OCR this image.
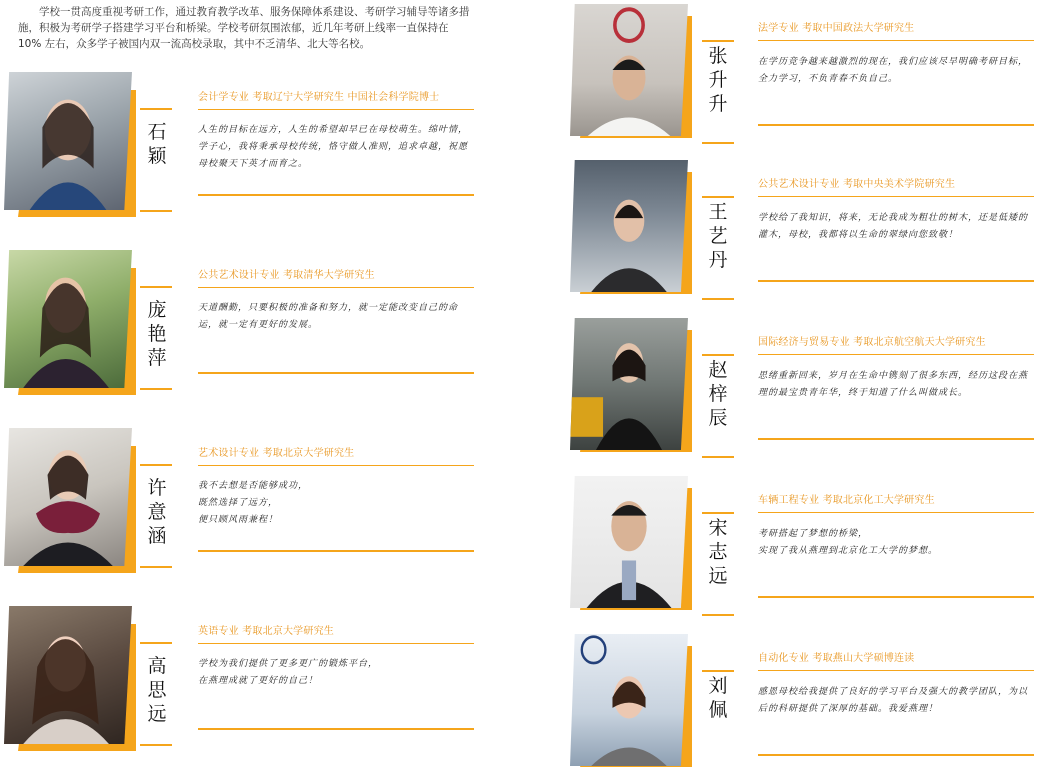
学校一贯高度重视考研工作，通过教育教学改革、服务保障体系建设、考研学习辅导等诸多措施，积极为考研学子搭建学习平台和桥梁。学校考研氛围浓郁，近几年考研上线率一直保持在 10% 左右，众多学子被国内双一流高校录取，其中不乏清华、北大等名校。

石颖
会计学专业 考取辽宁大学研究生 中国社会科学院博士
人生的目标在远方，人生的希望却早已在母校萌生。绵叶情，学子心，我将秉承母校传统，恪守做人准则，追求卓越，祝愿母校聚天下英才而育之。
庞艳萍
公共艺术设计专业 考取清华大学研究生
天道酬勤，只要积极的准备和努力，就一定能改变自己的命运，就一定有更好的发展。
许意涵
艺术设计专业 考取北京大学研究生
我不去想是否能够成功，
既然选择了远方，
便只顾风雨兼程！
高思远
英语专业 考取北京大学研究生
学校为我们提供了更多更广的锻炼平台，
在燕理成就了更好的自己！
张升升
法学专业 考取中国政法大学研究生
在学历竞争越来越激烈的现在，我们应该尽早明确考研目标，全力学习，不负青春不负自己。
王艺丹
公共艺术设计专业 考取中央美术学院研究生
学校给了我知识，将来，无论我成为粗壮的树木，还是低矮的灌木，母校，我都将以生命的翠绿向您致敬！
赵梓辰
国际经济与贸易专业 考取北京航空航天大学研究生
思绪重新回来，岁月在生命中镌刻了很多东西，经历这段在燕理的最宝贵青年华，终于知道了什么叫做成长。
宋志远
车辆工程专业 考取北京化工大学研究生
考研搭起了梦想的桥梁，
实现了我从燕理到北京化工大学的梦想。
刘佩
自动化专业 考取燕山大学硕博连读
感恩母校给我提供了良好的学习平台及强大的教学团队，为以后的科研提供了深厚的基础。我爱燕理！
